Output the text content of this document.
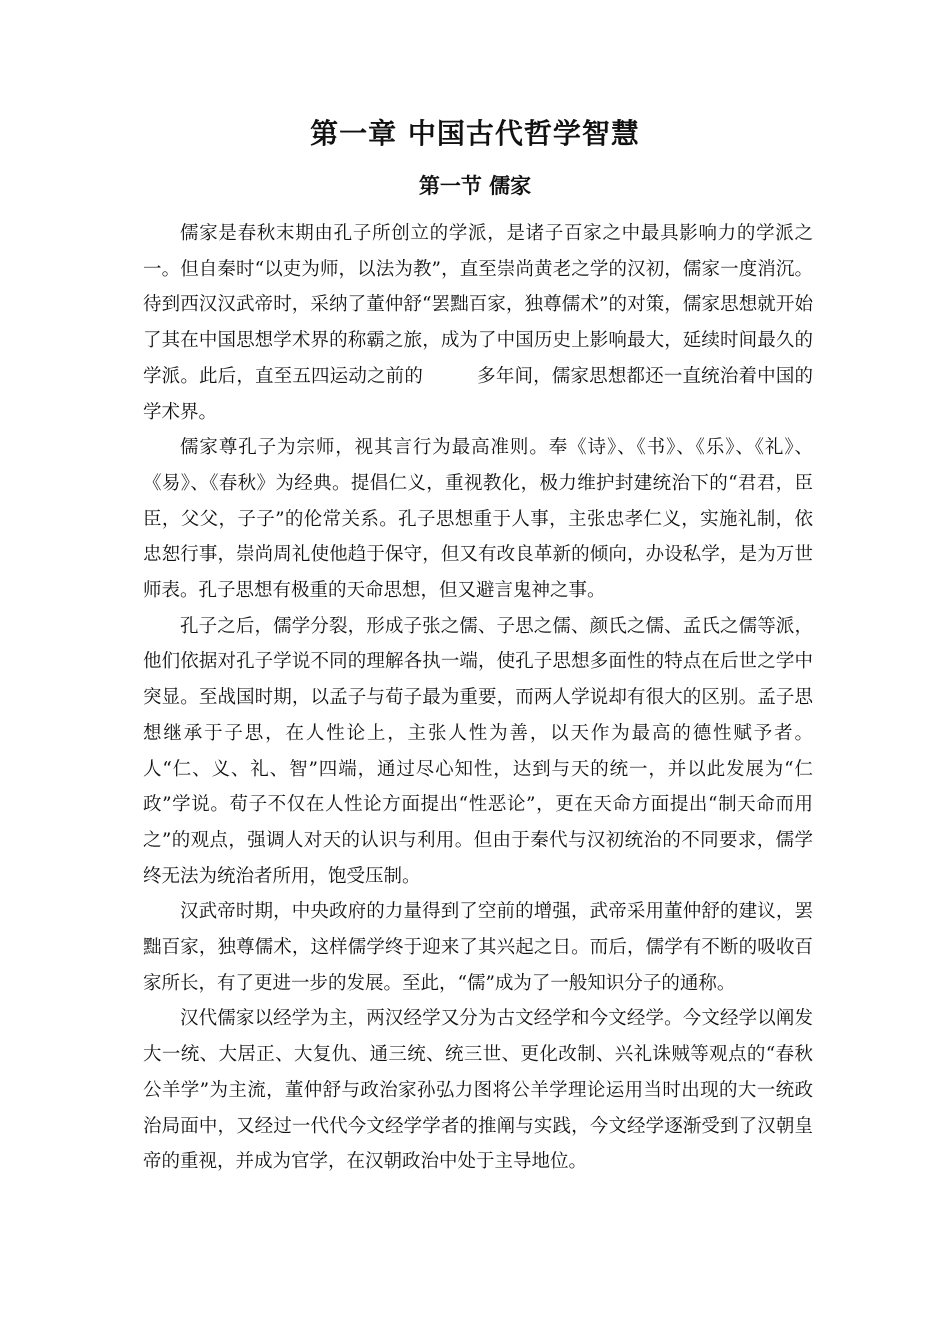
第一章 中国古代哲学智慧
第一节 儒家

儒家是春秋末期由孔子所创立的学派，是诸子百家之中最具影响力的学派之一。但自秦时“以吏为师，以法为教”，直至崇尚黄老之学的汉初，儒家一度消沉。待到西汉汉武帝时，采纳了董仲舒“罢黜百家，独尊儒术”的对策，儒家思想就开始了其在中国思想学术界的称霸之旅，成为了中国历史上影响最大，延续时间最久的学派。此后，直至五四运动之前的	多年间，儒家思想都还一直统治着中国的学术界。

儒家尊孔子为宗师，视其言行为最高准则。奉《诗》、《书》、《乐》、《礼》、《易》、《春秋》为经典。提倡仁义，重视教化，极力维护封建统治下的“君君，臣臣，父父，子子”的伦常关系。孔子思想重于人事，主张忠孝仁义，实施礼制，依忠恕行事，崇尚周礼使他趋于保守，但又有改良革新的倾向，办设私学，是为万世师表。孔子思想有极重的天命思想，但又避言鬼神之事。

孔子之后，儒学分裂，形成子张之儒、子思之儒、颜氏之儒、孟氏之儒等派，他们依据对孔子学说不同的理解各执一端，使孔子思想多面性的特点在后世之学中突显。至战国时期，以孟子与荀子最为重要，而两人学说却有很大的区别。孟子思想继承于子思，在人性论上，主张人性为善，以天作为最高的德性赋予者。人“仁、义、礼、智”四端，通过尽心知性，达到与天的统一，并以此发展为“仁政”学说。荀子不仅在人性论方面提出“性恶论”，更在天命方面提出“制天命而用之”的观点，强调人对天的认识与利用。但由于秦代与汉初统治的不同要求，儒学终无法为统治者所用，饱受压制。

汉武帝时期，中央政府的力量得到了空前的增强，武帝采用董仲舒的建议，罢黜百家，独尊儒术，这样儒学终于迎来了其兴起之日。而后，儒学有不断的吸收百家所长，有了更进一步的发展。至此，“儒”成为了一般知识分子的通称。

汉代儒家以经学为主，两汉经学又分为古文经学和今文经学。今文经学以阐发大一统、大居正、大复仇、通三统、统三世、更化改制、兴礼诛贼等观点的“春秋公羊学”为主流，董仲舒与政治家孙弘力图将公羊学理论运用当时出现的大一统政治局面中，又经过一代代今文经学学者的推阐与实践，今文经学逐渐受到了汉朝皇帝的重视，并成为官学，在汉朝政治中处于主导地位。
